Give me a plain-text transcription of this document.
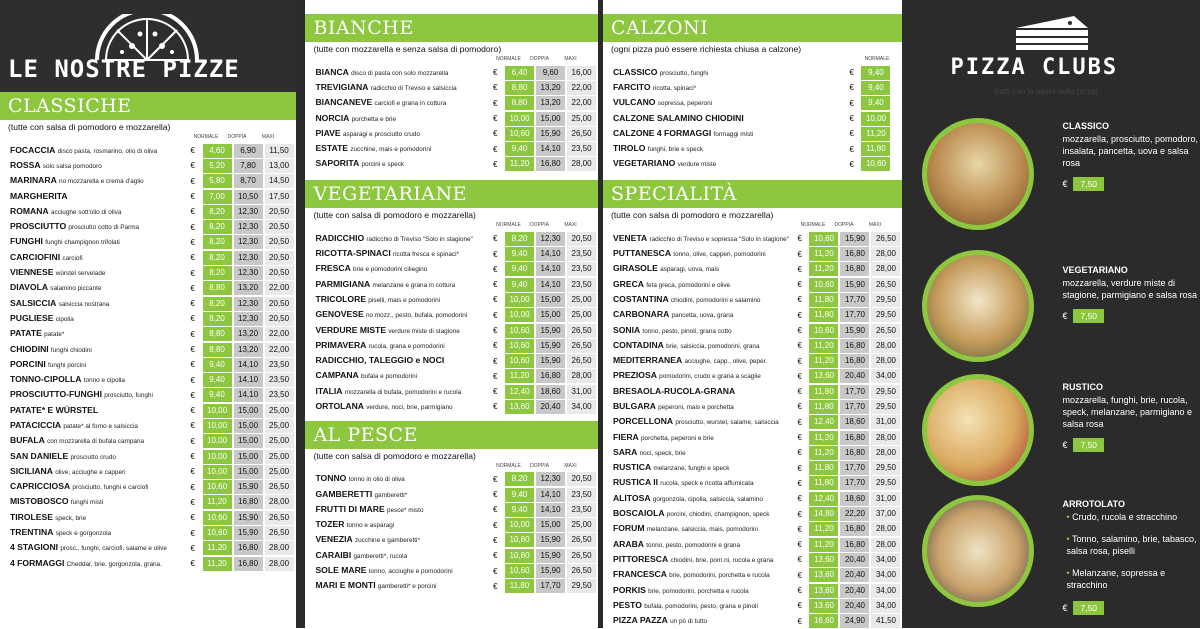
LE NOSTRE PIZZE
CLASSICHE
(tutte con salsa di pomodoro e mozzarella)
NORMALE	DOPPIA	MAXI
FOCACCIA disco pasta, rosmarino, olio di oliva	€	4,60	6,90	11,50
ROSSA solo salsa pomodoro	€	5,20	7,80	13,00
MARINARA no mozzarella e crema d'aglio	€	5,80	8,70	14,50
MARGHERITA	€	7,00	10,50	17,50
ROMANA acciughe sott'olio di oliva	€	8,20	12,30	20,50
PROSCIUTTO prosciutto cotto di Parma	€	8,20	12,30	20,50
FUNGHI funghi champignon trifolati	€	8,20	12,30	20,50
CARCIOFINI carciofi	€	8,20	12,30	20,50
VIENNESE würstel servelade	€	8,20	12,30	20,50
DIAVOLA salamino piccante	€	8,80	13,20	22,00
SALSICCIA salsiccia nostrana	€	8,20	12,30	20,50
PUGLIESE cipolla	€	8,20	12,30	20,50
PATATE patate*	€	8,80	13,20	22,00
CHIODINI funghi chiodini	€	8,80	13,20	22,00
PORCINI funghi porcini	€	9,40	14,10	23,50
TONNO-CIPOLLA tonno e cipolla	€	9,40	14,10	23,50
PROSCIUTTO-FUNGHI prosciutto, funghi	€	9,40	14,10	23,50
PATATE* E WÜRSTEL	€	10,00	15,00	25,00
PATACICCIA patate* al forno e salsiccia	€	10,00	15,00	25,00
BUFALA con mozzarella di bufala campana	€	10,00	15,00	25,00
SAN DANIELE prosciutto crudo	€	10,00	15,00	25,00
SICILIANA olive, acciughe e capperi	€	10,00	15,00	25,00
CAPRICCIOSA prosciutto, funghi e carciofi	€	10,60	15,90	26,50
MISTOBOSCO funghi misti	€	11,20	16,80	28,00
TIROLESE speck, brie	€	10,60	15,90	26,50
TRENTINA speck e gorgonzola	€	10,60	15,90	26,50
4 STAGIONI prosc., funghi, carciofi, salame e olive	€	11,20	16,80	28,00
4 FORMAGGI Cheddar, brie, gorgonzola, grana.	€	11,20	16,80	28,00
BIANCHE
(tutte con mozzarella e senza salsa di pomodoro)
NORMALE	DOPPIA	MAXI
BIANCA disco di pasta con solo mozzarella	€	6,40	9,60	16,00
TREVIGIANA radicchio di Treviso e salsiccia	€	8,80	13,20	22,00
BIANCANEVE carciofi e grana in cottura	€	8,80	13,20	22,00
NORCIA porchetta e brie	€	10,00	15,00	25,00
PIAVE asparagi e prosciutto crudo	€	10,60	15,90	26,50
ESTATE zucchine, mais e pomodorini	€	9,40	14,10	23,50
SAPORITA porcini e speck	€	11,20	16,80	28,00
VEGETARIANE
(tutte con salsa di pomodoro e mozzarella)
NORMALE	DOPPIA	MAXI
RADICCHIO radicchio di Treviso "Solo in stagione"	€	8,20	12,30	20,50
RICOTTA-SPINACI ricotta fresca e spinaci*	€	9,40	14,10	23,50
FRESCA brie e pomodorini ciliegino	€	9,40	14,10	23,50
PARMIGIANA melanzane e grana in cottura	€	9,40	14,10	23,50
TRICOLORE piselli, mais e pomodorini	€	10,00	15,00	25,00
GENOVESE no mozz., pesto, bufala, pomodorini	€	10,00	15,00	25,00
VERDURE MISTE verdure miste di stagione	€	10,60	15,90	26,50
PRIMAVERA rucola, grana e pomodorini	€	10,60	15,90	26,50
RADICCHIO, TALEGGIO e NOCI	€	10,60	15,90	26,50
CAMPANA bufala e pomodorini	€	11,20	16,80	28,00
ITALIA mozzarella di bufala, pomodorini e rucola	€	12,40	18,60	31,00
ORTOLANA verdure, noci, brie, parmigiano	€	13,60	20,40	34,00
AL PESCE
(tutte con salsa di pomodoro e mozzarella)
NORMALE	DOPPIA	MAXI
TONNO tonno in olio di oliva	€	8,20	12,30	20,50
GAMBERETTI gamberetti*	€	9,40	14,10	23,50
FRUTTI DI MARE pesce* misto	€	9,40	14,10	23,50
TOZER tonno e asparagi	€	10,00	15,00	25,00
VENEZIA zucchine e gamberetti*	€	10,60	15,90	26,50
CARAIBI gamberetti*, rucola	€	10,60	15,90	26,50
SOLE MARE tonno, acciughe e pomodorini	€	10,60	15,90	26,50
MARI E MONTI gamberetti* e porcini	€	11,80	17,70	29,50
CALZONI
(ogni pizza può essere richiesta chiusa a calzone)
NORMALE
CLASSICO prosciutto, funghi	€	9,40
FARCITO ricotta, spinaci*	€	9,40
VULCANO sopressa, peperoni	€	9,40
CALZONE SALAMINO CHIODINI	€	10,00
CALZONE 4 FORMAGGI formaggi misti	€	11,20
TIROLO funghi, brie e speck	€	11,80
VEGETARIANO verdure miste	€	10,60
SPECIALITÀ
(tutte con salsa di pomodoro e mozzarella)
NORMALE	DOPPIA	MAXI
VENETA radicchio di Treviso e sopressa "Solo in stagione"	€	10,60	15,90	26,50
PUTTANESCA tonno, olive, capperi, pomodorini	€	11,20	16,80	28,00
GIRASOLE asparagi, uova, mais	€	11,20	16,80	28,00
GRECA feta greca, pomodorini e olive	€	10,60	15,90	26,50
COSTANTINA chiodini, pomodorini e salamino	€	11,80	17,70	29,50
CARBONARA pancetta, uova, grana	€	11,80	17,70	29,50
SONIA tonno, pesto, pinoli, grana cotto	€	10,60	15,90	26,50
CONTADINA brie, salsiccia, pomodorini, grana	€	11,20	16,80	28,00
MEDITERRANEA acciughe, capp., olive, peper.	€	11,20	16,80	28,00
PREZIOSA pomodorini, crudo e grana a scaglie	€	13,60	20,40	34,00
BRESAOLA-RUCOLA-GRANA	€	11,80	17,70	29,50
BULGARA peperoni, mais e porchetta	€	11,80	17,70	29,50
PORCELLONA prosciutto, wurstel, salame, salsiccia	€	12,40	18,60	31,00
FIERA porchetta, peperoni e brie	€	11,20	16,80	28,00
SARA noci, speck, brie	€	11,20	16,80	28,00
RUSTICA melanzane, funghi e speck	€	11,80	17,70	29,50
RUSTICA II rucola, speck e ricotta affumicata	€	11,80	17,70	29,50
ALITOSA gorgonzola, cipolla, salsiccia, salamino	€	12,40	18,60	31,00
BOSCAIOLA porcini, chiodini, champignon, speck	€	14,80	22,20	37,00
FORUM melanzane, salsiccia, mais, pomodorini	€	11,20	16,80	28,00
ARABA tonno, pesto, pomodorini e grana	€	11,20	16,80	28,00
PITTORESCA chiodini, brie, pom.ni, rucola e grana	€	13,60	20,40	34,00
FRANCESCA brie, pomodorini, porchetta e rucola	€	13,60	20,40	34,00
PORKIS brie, pomodorini, porchetta e rucola	€	13,60	20,40	34,00
PESTO bufala, pomodorini, pesto, grana e pinoli	€	13,60	20,40	34,00
PIZZA PAZZA un pò di tutto	€	16,60	24,90	41,50
PIZZA CLUBS
(tutti con la pasta della pizza)
CLASSICO
mozzarella, prosciutto, pomodoro, insalata, pancetta, uova e salsa rosa
€ 7,50
VEGETARIANO
mozzarella, verdure miste di stagione, parmigiano e salsa rosa
€ 7,50
RUSTICO
mozzarella, funghi, brie, rucola, speck, melanzane, parmigiano e salsa rosa
€ 7,50
ARROTOLATO
• Crudo, rucola e stracchino
• Tonno, salamino, brie, tabasco, salsa rosa, piselli
• Melanzane, sopressa e stracchino
€ 7,50
